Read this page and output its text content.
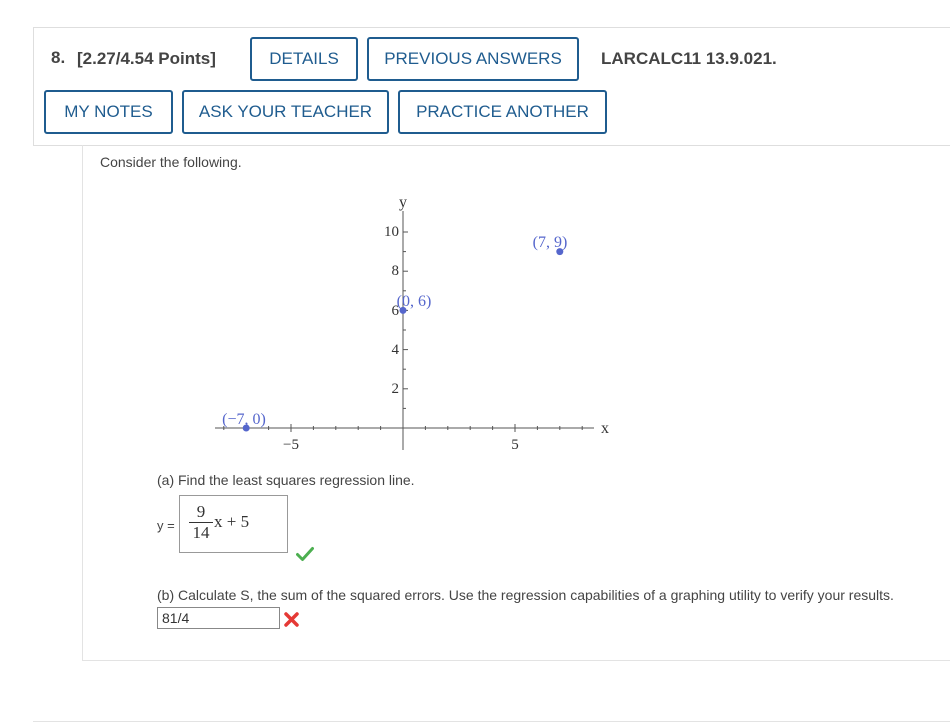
8. [2.27/4.54 Points]	DETAILS	PREVIOUS ANSWERS	LARCALC11 13.9.021.
MY NOTES	ASK YOUR TEACHER	PRACTICE ANOTHER
Consider the following.
x
y
−5	5
2
4
6
8
10
(−7, 0)
(0, 6)
(7, 9)
(a) Find the least squares regression line.
y =
9
14
x + 5
(b) Calculate S, the sum of the squared errors. Use the regression capabilities of a graphing utility to verify your results.
81/4
